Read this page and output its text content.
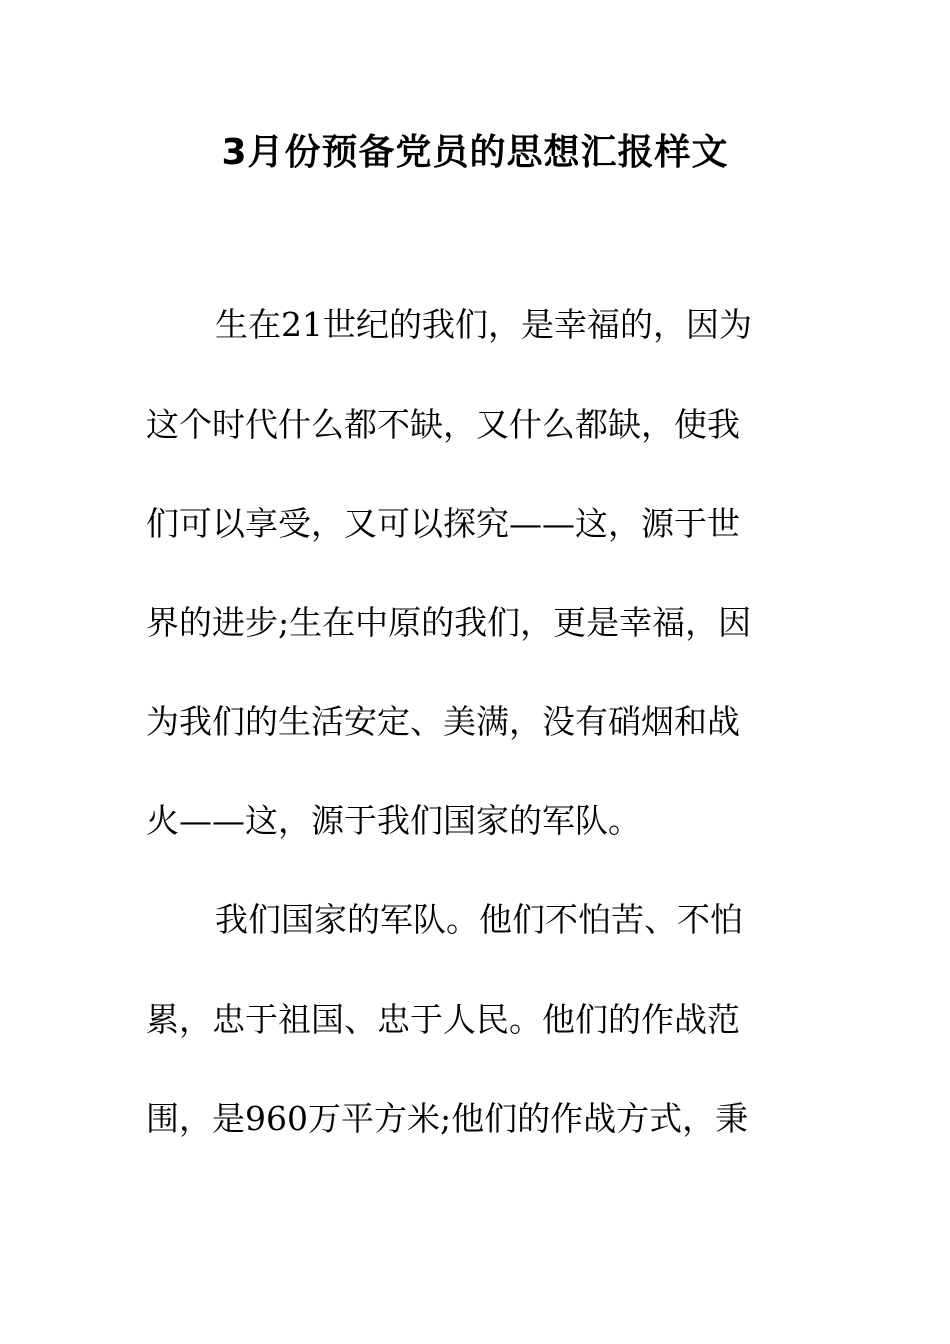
3月份预备党员的思想汇报样文
生在21世纪的我们，是幸福的，因为
这个时代什么都不缺，又什么都缺，使我
们可以享受，又可以探究——这，源于世
界的进步;生在中原的我们，更是幸福，因
为我们的生活安定、美满，没有硝烟和战
火——这，源于我们国家的军队。
我们国家的军队。他们不怕苦、不怕
累，忠于祖国、忠于人民。他们的作战范
围，是960万平方米;他们的作战方式，秉
